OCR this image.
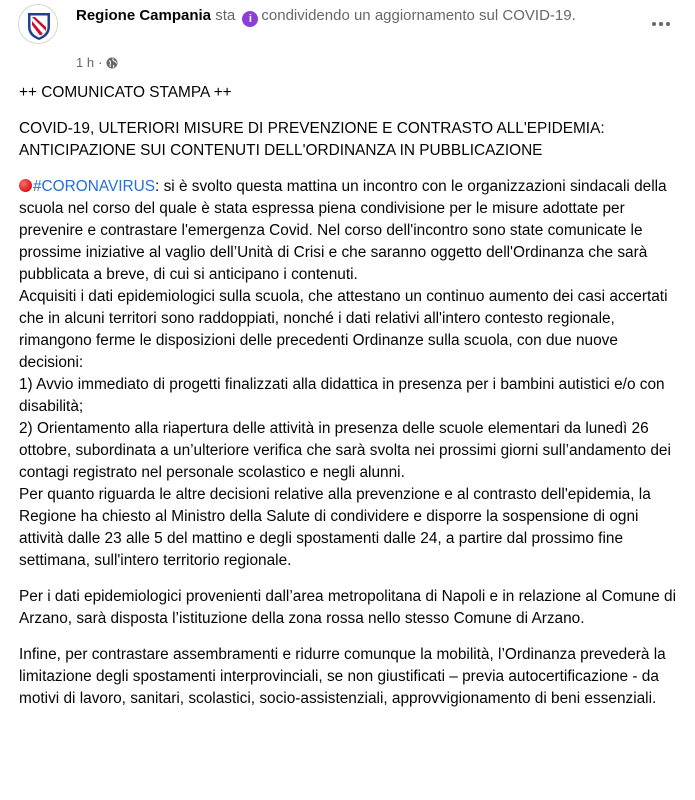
Regione Campania sta i condividendo un aggiornamento sul COVID-19.
1 h ·

++ COMUNICATO STAMPA ++

COVID-19, ULTERIORI MISURE DI PREVENZIONE E CONTRASTO ALL'EPIDEMIA: ANTICIPAZIONE SUI CONTENUTI DELL'ORDINANZA IN PUBBLICAZIONE

#CORONAVIRUS: si è svolto questa mattina un incontro con le organizzazioni sindacali della scuola nel corso del quale è stata espressa piena condivisione per le misure adottate per prevenire e contrastare l'emergenza Covid. Nel corso dell'incontro sono state comunicate le prossime iniziative al vaglio dell’Unità di Crisi e che saranno oggetto dell'Ordinanza che sarà pubblicata a breve, di cui si anticipano i contenuti.

Acquisiti i dati epidemiologici sulla scuola, che attestano un continuo aumento dei casi accertati che in alcuni territori sono raddoppiati, nonché i dati relativi all'intero contesto regionale, rimangono ferme le disposizioni delle precedenti Ordinanze sulla scuola, con due nuove decisioni:

1) Avvio immediato di progetti finalizzati alla didattica in presenza per i bambini autistici e/o con disabilità;

2) Orientamento alla riapertura delle attività in presenza delle scuole elementari da lunedì 26 ottobre, subordinata a un’ulteriore verifica che sarà svolta nei prossimi giorni sull’andamento dei contagi registrato nel personale scolastico e negli alunni.

Per quanto riguarda le altre decisioni relative alla prevenzione e al contrasto dell'epidemia, la Regione ha chiesto al Ministro della Salute di condividere e disporre la sospensione di ogni attività dalle 23 alle 5 del mattino e degli spostamenti dalle 24, a partire dal prossimo fine settimana, sull'intero territorio regionale.

Per i dati epidemiologici provenienti dall’area metropolitana di Napoli e in relazione al Comune di Arzano, sarà disposta l’istituzione della zona rossa nello stesso Comune di Arzano.

Infine, per contrastare assembramenti e ridurre comunque la mobilità, l’Ordinanza prevederà la limitazione degli spostamenti interprovinciali, se non giustificati – previa autocertificazione - da motivi di lavoro, sanitari, scolastici, socio-assistenziali, approvvigionamento di beni essenziali.
